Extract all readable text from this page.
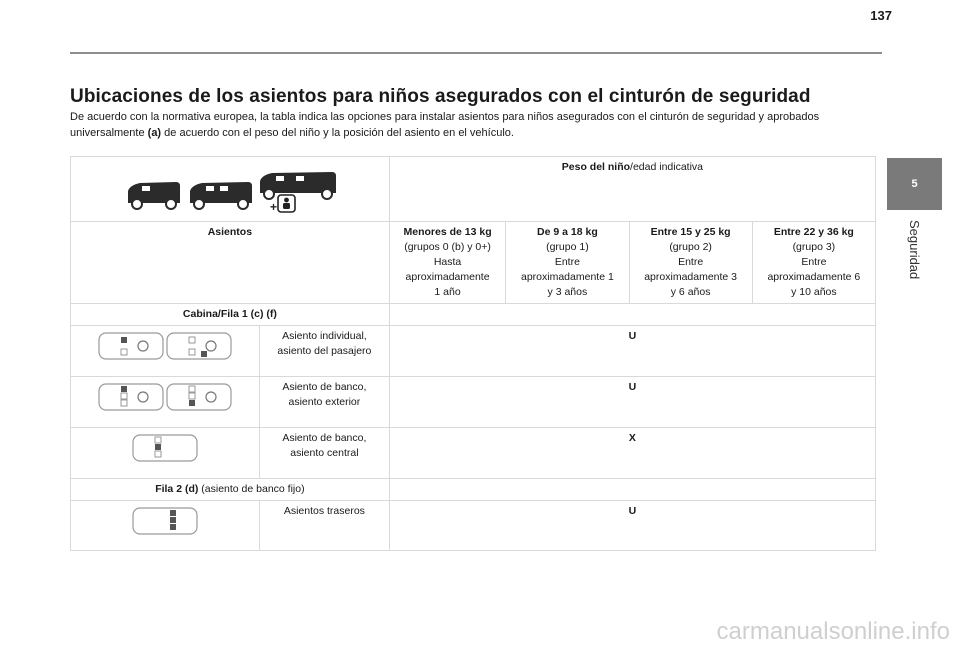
137
5
Seguridad
Ubicaciones de los asientos para niños asegurados con el cinturón de seguridad

De acuerdo con la normativa europea, la tabla indica las opciones para instalar asientos para niños asegurados con el cinturón de seguridad y aprobados universalmente (a) de acuerdo con el peso del niño y la posición del asiento en el vehículo.

+		Peso del niño/edad indicativa			
Asientos		Menores de 13 kg
(grupos 0 (b) y 0+)
Hasta
aproximadamente
1 año	De 9 a 18 kg
(grupo 1)
Entre
aproximadamente 1
y 3 años	Entre 15 y 25 kg
(grupo 2)
Entre
aproximadamente 3
y 6 años	Entre 22 y 36 kg
(grupo 3)
Entre
aproximadamente 6
y 10 años
Cabina/Fila 1 (c) (f)					
	Asiento individual,
asiento del pasajero	U			
	Asiento de banco,
asiento exterior	U			
	Asiento de banco,
asiento central	X			
Fila 2 (d) (asiento de banco fijo)					
	Asientos traseros	U			
carmanualsonline.info
